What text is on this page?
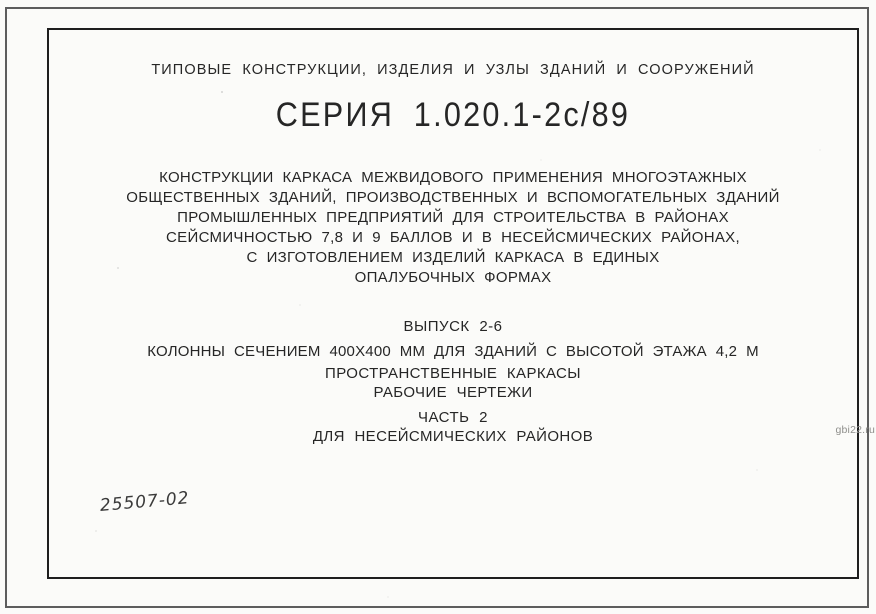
ТИПОВЫЕ КОНСТРУКЦИИ, ИЗДЕЛИЯ И УЗЛЫ ЗДАНИЙ И СООРУЖЕНИЙ
СЕРИЯ 1.020.1-2с/89
КОНСТРУКЦИИ КАРКАСА МЕЖВИДОВОГО ПРИМЕНЕНИЯ МНОГОЭТАЖНЫХ
ОБЩЕСТВЕННЫХ ЗДАНИЙ, ПРОИЗВОДСТВЕННЫХ И ВСПОМОГАТЕЛЬНЫХ ЗДАНИЙ
ПРОМЫШЛЕННЫХ ПРЕДПРИЯТИЙ ДЛЯ СТРОИТЕЛЬСТВА В РАЙОНАХ
СЕЙСМИЧНОСТЬЮ 7,8 И 9 БАЛЛОВ И В НЕСЕЙСМИЧЕСКИХ РАЙОНАХ,
С ИЗГОТОВЛЕНИЕМ ИЗДЕЛИЙ КАРКАСА В ЕДИНЫХ
ОПАЛУБОЧНЫХ ФОРМАХ
ВЫПУСК 2-6
КОЛОННЫ СЕЧЕНИЕМ 400Х400 ММ ДЛЯ ЗДАНИЙ С ВЫСОТОЙ ЭТАЖА 4,2 М
ПРОСТРАНСТВЕННЫЕ КАРКАСЫ
РАБОЧИЕ ЧЕРТЕЖИ
ЧАСТЬ 2
ДЛЯ НЕСЕЙСМИЧЕСКИХ РАЙОНОВ
25507-02
gbi22.ru
